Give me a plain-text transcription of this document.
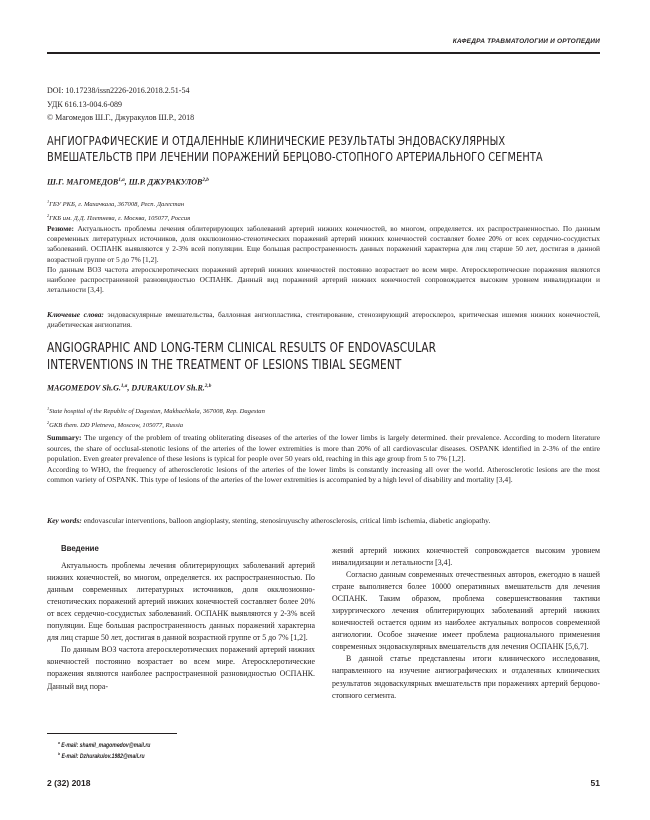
КАФЕДРА ТРАВМАТОЛОГИИ И ОРТОПЕДИИ
DOI: 10.17238/issn2226-2016.2018.2.51-54
УДК 616.13-004.6-089
© Магомедов Ш.Г., Джуракулов Ш.Р., 2018
АНГИОГРАФИЧЕСКИЕ И ОТДАЛЕННЫЕ КЛИНИЧЕСКИЕ РЕЗУЛЬТАТЫ ЭНДОВАСКУЛЯРНЫХ
ВМЕШАТЕЛЬСТВ ПРИ ЛЕЧЕНИИ ПОРАЖЕНИЙ БЕРЦОВО-СТОПНОГО АРТЕРИАЛЬНОГО СЕГМЕНТА
Ш.Г. МАГОМЕДОВ$^{1,a}$, Ш.Р. ДЖУРАКУЛОВ$^{2,b}$
$^1$ГБУ РКБ, г. Махачкала, 367008, Респ. Дагестан
$^2$ГКБ им. Д.Д. Плетнева, г. Москва, 105077, Россия
Резюме: Актуальность проблемы лечения облитерирующих заболеваний артерий нижних конечностей, во многом, определяется. их распространенностью. По данным современных литературных источников, доля окклюзионно-стенотических поражений артерий нижних конечностей составляет более 20% от всех сердечно-сосудистых заболеваний. ОСПАНК выявляются у 2-3% всей популяции. Еще большая распространенность данных поражений характерна для лиц старше 50 лет, достигая в данной возрастной группе от 5 до 7% [1,2].
По данным ВОЗ частота атеросклеротических поражений артерий нижних конечностей постоянно возрастает во всем мире. Атеросклеротические поражения являются наиболее распространенной разновидностью ОСПАНК. Данный вид поражений артерий нижних конечностей сопровождается высоким уровнем инвалидизации и летальности [3,4].
Ключевые слова: эндоваскулярные вмешательства, баллонная ангиопластика, стентирование, стенозирующий атеросклероз, критическая ишемия нижних конечностей, диабетическая ангиопатия.
ANGIOGRAPHIC AND LONG-TERM CLINICAL RESULTS OF ENDOVASCULAR
INTERVENTIONS IN THE TREATMENT OF LESIONS TIBIAL SEGMENT
MAGOMEDOV Sh.G.$^{1,a}$, DJURAKULOV Sh.R.$^{2,b}$
$^1$State hospital of the Republic of Dagestan, Makhachkala, 367008, Rep. Dagestan
$^2$GKB them. DD Pletneva, Moscow, 105077, Russia
Summary: The urgency of the problem of treating obliterating diseases of the arteries of the lower limbs is largely determined. their prevalence. According to modern literature sources, the share of occlusal-stenotic lesions of the arteries of the lower extremities is more than 20% of all cardiovascular diseases. OSPANK identified in 2-3% of the entire population. Even greater prevalence of these lesions is typical for people over 50 years old, reaching in this age group from 5 to 7% [1,2].
According to WHO, the frequency of atherosclerotic lesions of the arteries of the lower limbs is constantly increasing all over the world. Atherosclerotic lesions are the most common variety of OSPANK. This type of lesions of the arteries of the lower extremities is accompanied by a high level of disability and mortality [3,4].
Key words: endovascular interventions, balloon angioplasty, stenting, stenosiruyuschy atherosclerosis, critical limb ischemia, diabetic angiopathy.
Введение

Актуальность проблемы лечения облитерирующих заболеваний артерий нижних конечностей, во многом, определяется. их распространенностью. По данным современных литературных источников, доля окклюзионно-стенотических поражений артерий нижних конечностей составляет более 20% от всех сердечно-сосудистых заболеваний. ОСПАНК выявляются у 2-3% всей популяции. Еще большая распространенность данных поражений характерна для лиц старше 50 лет, достигая в данной возрастной группе от 5 до 7% [1,2].

По данным ВОЗ частота атеросклеротических поражений артерий нижних конечностей постоянно возрастает во всем мире. Атеросклеротические поражения являются наиболее распространенной разновидностью ОСПАНК. Данный вид пора-

жений артерий нижних конечностей сопровождается высоким уровнем инвалидизации и летальности [3,4].

Согласно данным современных отечественных авторов, ежегодно в нашей стране выполняется более 10000 оперативных вмешательств для лечения ОСПАНК. Таким образом, проблема совершенствования тактики хирургического лечения облитерирующих заболеваний артерий нижних конечностей остается одним из наиболее актуальных вопросов современной ангиологии. Особое значение имеет проблема рационального применения современных эндоваскулярных вмешательств для лечения ОСПАНК [5,6,7].

В данной статье представлены итоги клинического исследования, направленного на изучение ангиографических и отдаленных клинических результатов эндоваскулярных вмешательств при поражениях артерий берцово-стопного сегмента.

$^a$ E-mail: shamil_magomedov@mail.ru
$^b$ E-mail: Dzhurakulov.1982@mail.ru
2 (32) 2018	51
